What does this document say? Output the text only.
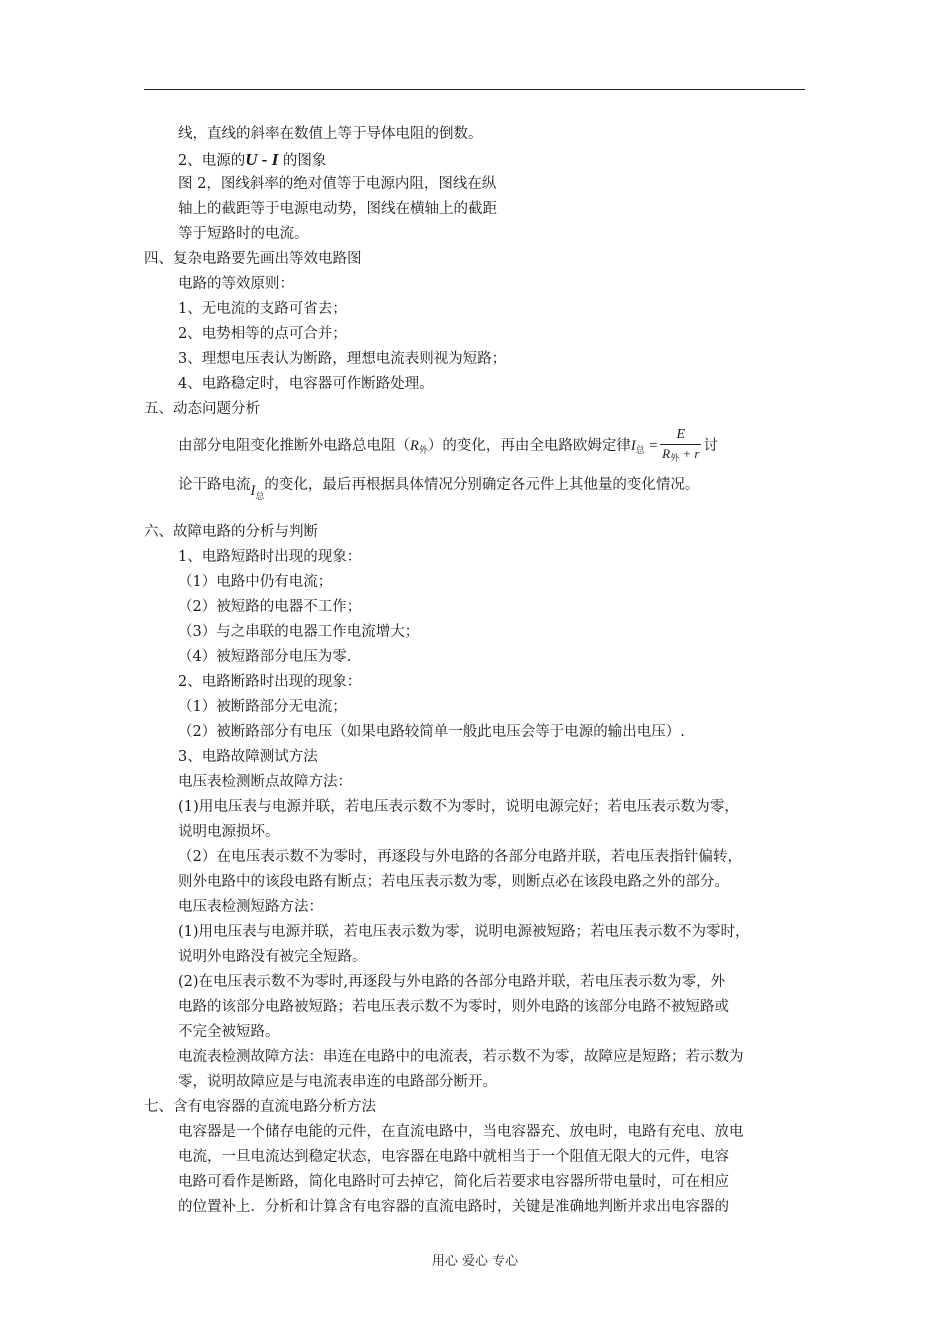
线，直线的斜率在数值上等于导体电阻的倒数。
2、电源的U - I 的图象
图 2，图线斜率的绝对值等于电源内阻，图线在纵
轴上的截距等于电源电动势，图线在横轴上的截距
等于短路时的电流。
四、复杂电路要先画出等效电路图
电路的等效原则：
1、无电流的支路可省去；
2、电势相等的点可合并；
3、理想电压表认为断路，理想电流表则视为短路；
4、电路稳定时，电容器可作断路处理。
五、动态问题分析
由部分电阻变化推断外电路总电阻$(R_外)$的变化，再由全电路欧姆定律$I_总 = \frac{E}{R_外 + r}$ 讨
论干路电流$I_总$的变化，最后再根据具体情况分别确定各元件上其他量的变化情况。
六、故障电路的分析与判断
1、电路短路时出现的现象：
（1）电路中仍有电流；
（2）被短路的电器不工作；
（3）与之串联的电器工作电流增大；
（4）被短路部分电压为零.
2、电路断路时出现的现象：
（1）被断路部分无电流；
（2）被断路部分有电压（如果电路较简单一般此电压会等于电源的输出电压）.
3、电路故障测试方法
电压表检测断点故障方法：
(1)用电压表与电源并联，若电压表示数不为零时，说明电源完好；若电压表示数为零，
说明电源损坏。
（2）在电压表示数不为零时，再逐段与外电路的各部分电路并联，若电压表指针偏转，
则外电路中的该段电路有断点；若电压表示数为零，则断点必在该段电路之外的部分。
电压表检测短路方法：
(1)用电压表与电源并联，若电压表示数为零，说明电源被短路；若电压表示数不为零时，
说明外电路没有被完全短路。
(2)在电压表示数不为零时,再逐段与外电路的各部分电路并联，若电压表示数为零，外
电路的该部分电路被短路；若电压表示数不为零时，则外电路的该部分电路不被短路或
不完全被短路。
电流表检测故障方法：串连在电路中的电流表，若示数不为零，故障应是短路；若示数为
零，说明故障应是与电流表串连的电路部分断开。
七、含有电容器的直流电路分析方法
电容器是一个储存电能的元件，在直流电路中，当电容器充、放电时，电路有充电、放电
电流，一旦电流达到稳定状态，电容器在电路中就相当于一个阻值无限大的元件，电容
电路可看作是断路，简化电路时可去掉它，简化后若要求电容器所带电量时，可在相应
的位置补上．分析和计算含有电容器的直流电路时，关键是准确地判断并求出电容器的
用心 爱心 专心
